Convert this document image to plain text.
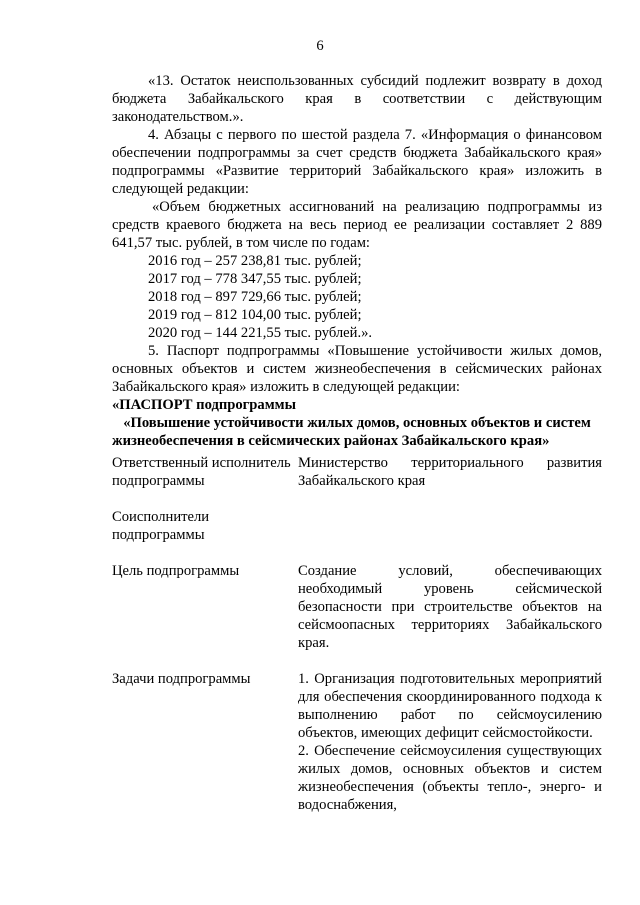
6

«13. Остаток неиспользованных субсидий подлежит возврату в доход бюджета Забайкальского края в соответствии с действующим законодательством.».

4. Абзацы с первого по шестой раздела 7. «Информация о финансовом обеспечении подпрограммы за счет средств бюджета Забайкальского края» подпрограммы «Развитие территорий Забайкальского края» изложить в следующей редакции:

«Объем бюджетных ассигнований на реализацию подпрограммы из средств краевого бюджета на весь период ее реализации составляет 2 889 641,57 тыс. рублей, в том числе по годам:

2016 год – 257 238,81 тыс. рублей;

2017 год – 778 347,55 тыс. рублей;

2018 год – 897 729,66 тыс. рублей;

2019 год – 812 104,00 тыс. рублей;

2020 год – 144 221,55 тыс. рублей.».

5. Паспорт подпрограммы «Повышение устойчивости жилых домов, основных объектов и систем жизнеобеспечения в сейсмических районах Забайкальского края» изложить в следующей редакции:

«ПАСПОРТ подпрограммы

«Повышение устойчивости жилых домов, основных объектов и систем жизнеобеспечения в сейсмических районах Забайкальского края»

Ответственный исполнитель подпрограммы
Министерство территориального развития Забайкальского края
Соисполнители подпрограммы
Цель подпрограммы	Создание условий, обеспечивающих необходимый уровень сейсмической безопасности при строительстве объектов на сейсмоопасных территориях Забайкальского края.
Задачи подпрограммы	1. Организация подготовительных мероприятий для обеспечения скоординированного подхода к выполнению работ по сейсмоусилению объектов, имеющих дефицит сейсмостойкости.

2. Обеспечение сейсмоусиления существующих жилых домов, основных объектов и систем жизнеобеспечения (объекты тепло-, энерго- и водоснабжения,
